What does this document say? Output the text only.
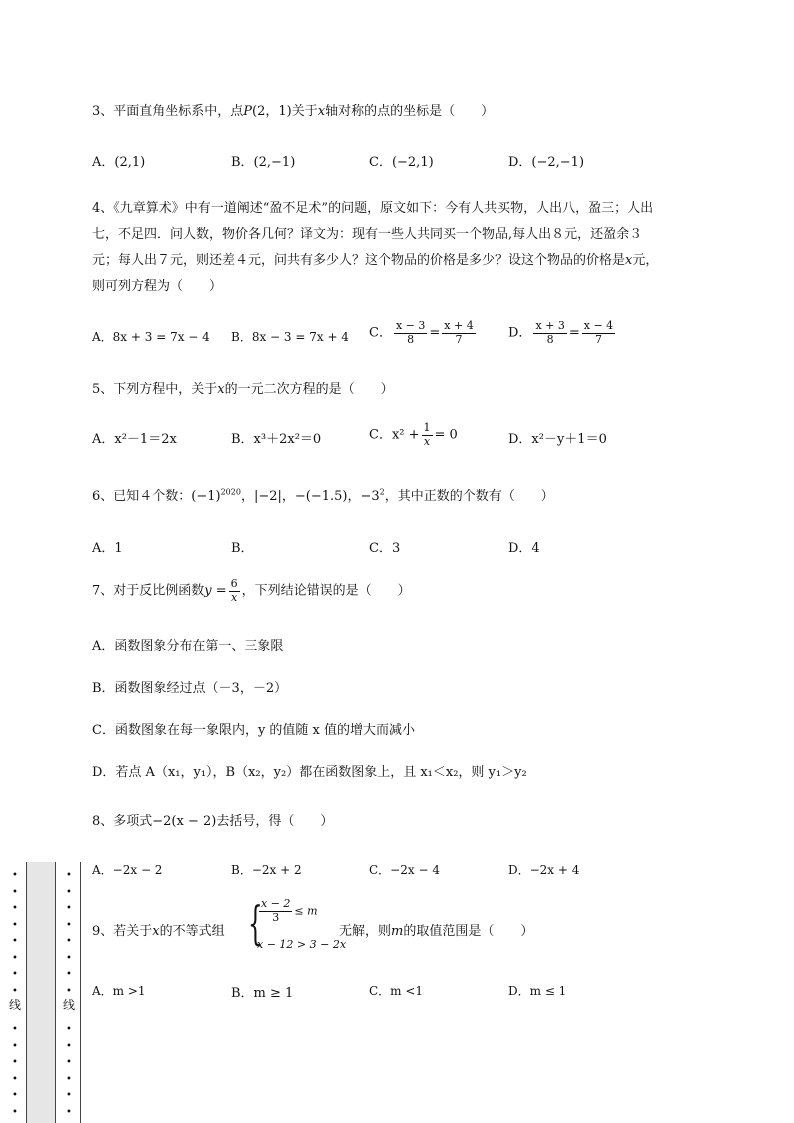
3、平面直角坐标系中，点P(2，1)关于x轴对称的点的坐标是（　　）
A．(2,1)	B．(2,−1)	C．(−2,1)	D．(−2,−1)
4、《九章算术》中有一道阐述“盈不足术”的问题，原文如下：今有人共买物，人出八，盈三；人出
七，不足四．问人数，物价各几何？译文为：现有一些人共同买一个物品,每人出８元，还盈余３
元；每人出７元，则还差４元，问共有多少人？这个物品的价格是多少？设这个物品的价格是x元，
则可列方程为（　　）
A．8x + 3 = 7x − 4 B．8x − 3 = 7x + 4 C． $\frac{x - 3}{8} = \frac{x + 4}{7}$ D． $\frac{x + 3}{8} = \frac{x - 4}{7}$
5、下列方程中，关于x的一元二次方程的是（　　）
A．x²－1＝2x	B．x³＋2x²＝0	C．$x^2 + \frac{1}{x} = 0$	D．x²－y＋1＝0
6、已知４个数：$(-1)^{2020}$，|−2|，−(−1.5)，$-3^2$，其中正数的个数有（　　）
A．1	B．	C．3	D．4
7、对于反比例函数$y = \frac{6}{x}$ ，下列结论错误的是（　　）
A．函数图象分布在第一、三象限
B．函数图象经过点（－3，－2）
C．函数图象在每一象限内，y 的值随 x 值的增大而减小
D．若点 A（x₁，y₁），B（x₂，y₂）都在函数图象上，且 x₁＜x₂，则 y₁＞y₂
8、多项式−2(x − 2)去括号，得（　　）
A．−2x − 2	B．−2x + 2	C．−2x − 4	D．−2x + 4
9、若关于x的不等式组 {
$\frac{x - 2}{3} \le m$
x − 12 > 3 − 2x
无解，则m的取值范围是（　　）
A．m >1	B．m ≥ 1	C．m <1	D．m ≤ 1
•
•
•
•
•
•
•
•
线
•
•
•
•
•
•
•
•
•
•
•
•
•
•
线
•
•
•
•
•
•
